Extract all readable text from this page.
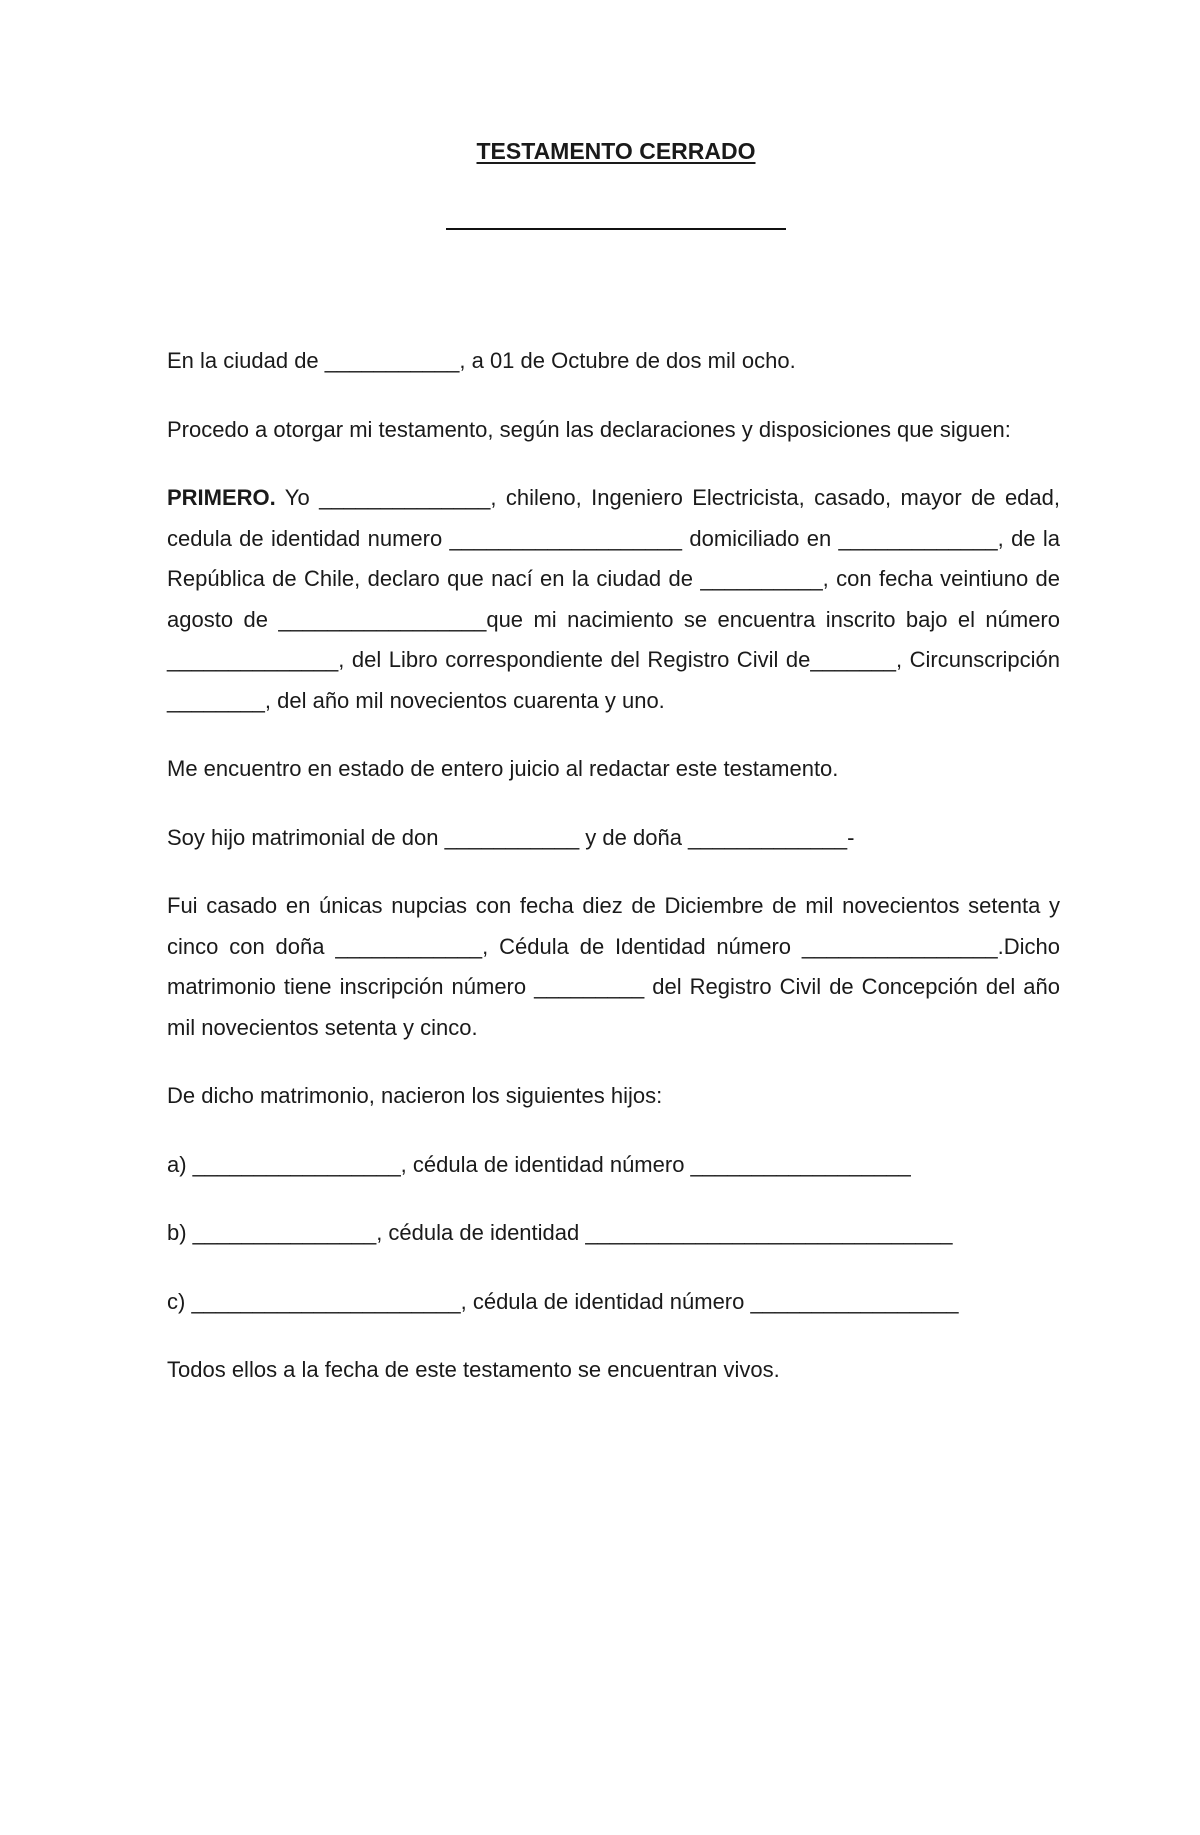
TESTAMENTO CERRADO

En la ciudad de ___________, a 01 de Octubre de dos mil ocho.

Procedo a otorgar mi testamento, según las declaraciones y disposiciones que siguen:

PRIMERO. Yo ______________, chileno, Ingeniero Electricista, casado, mayor de edad, cedula de identidad numero ___________________ domiciliado en _____________, de la República de Chile, declaro que nací en la ciudad de __________, con fecha veintiuno de agosto de _________________que mi nacimiento se encuentra inscrito bajo el número ______________, del Libro correspondiente del Registro Civil de_______, Circunscripción ________, del año mil novecientos cuarenta y uno.

Me encuentro en estado de entero juicio al redactar este testamento.

Soy hijo matrimonial de don ___________ y de doña _____________-

Fui casado en únicas nupcias con fecha diez de Diciembre de mil novecientos setenta y cinco con doña ____________, Cédula de Identidad número ________________.Dicho matrimonio tiene inscripción número _________ del Registro Civil de Concepción del año mil novecientos setenta y cinco.

De dicho matrimonio, nacieron los siguientes hijos:

a) _________________, cédula de identidad número __________________

b) _______________, cédula de identidad ______________________________

c) ______________________, cédula de identidad número _________________

Todos ellos a la fecha de este testamento se encuentran vivos.
